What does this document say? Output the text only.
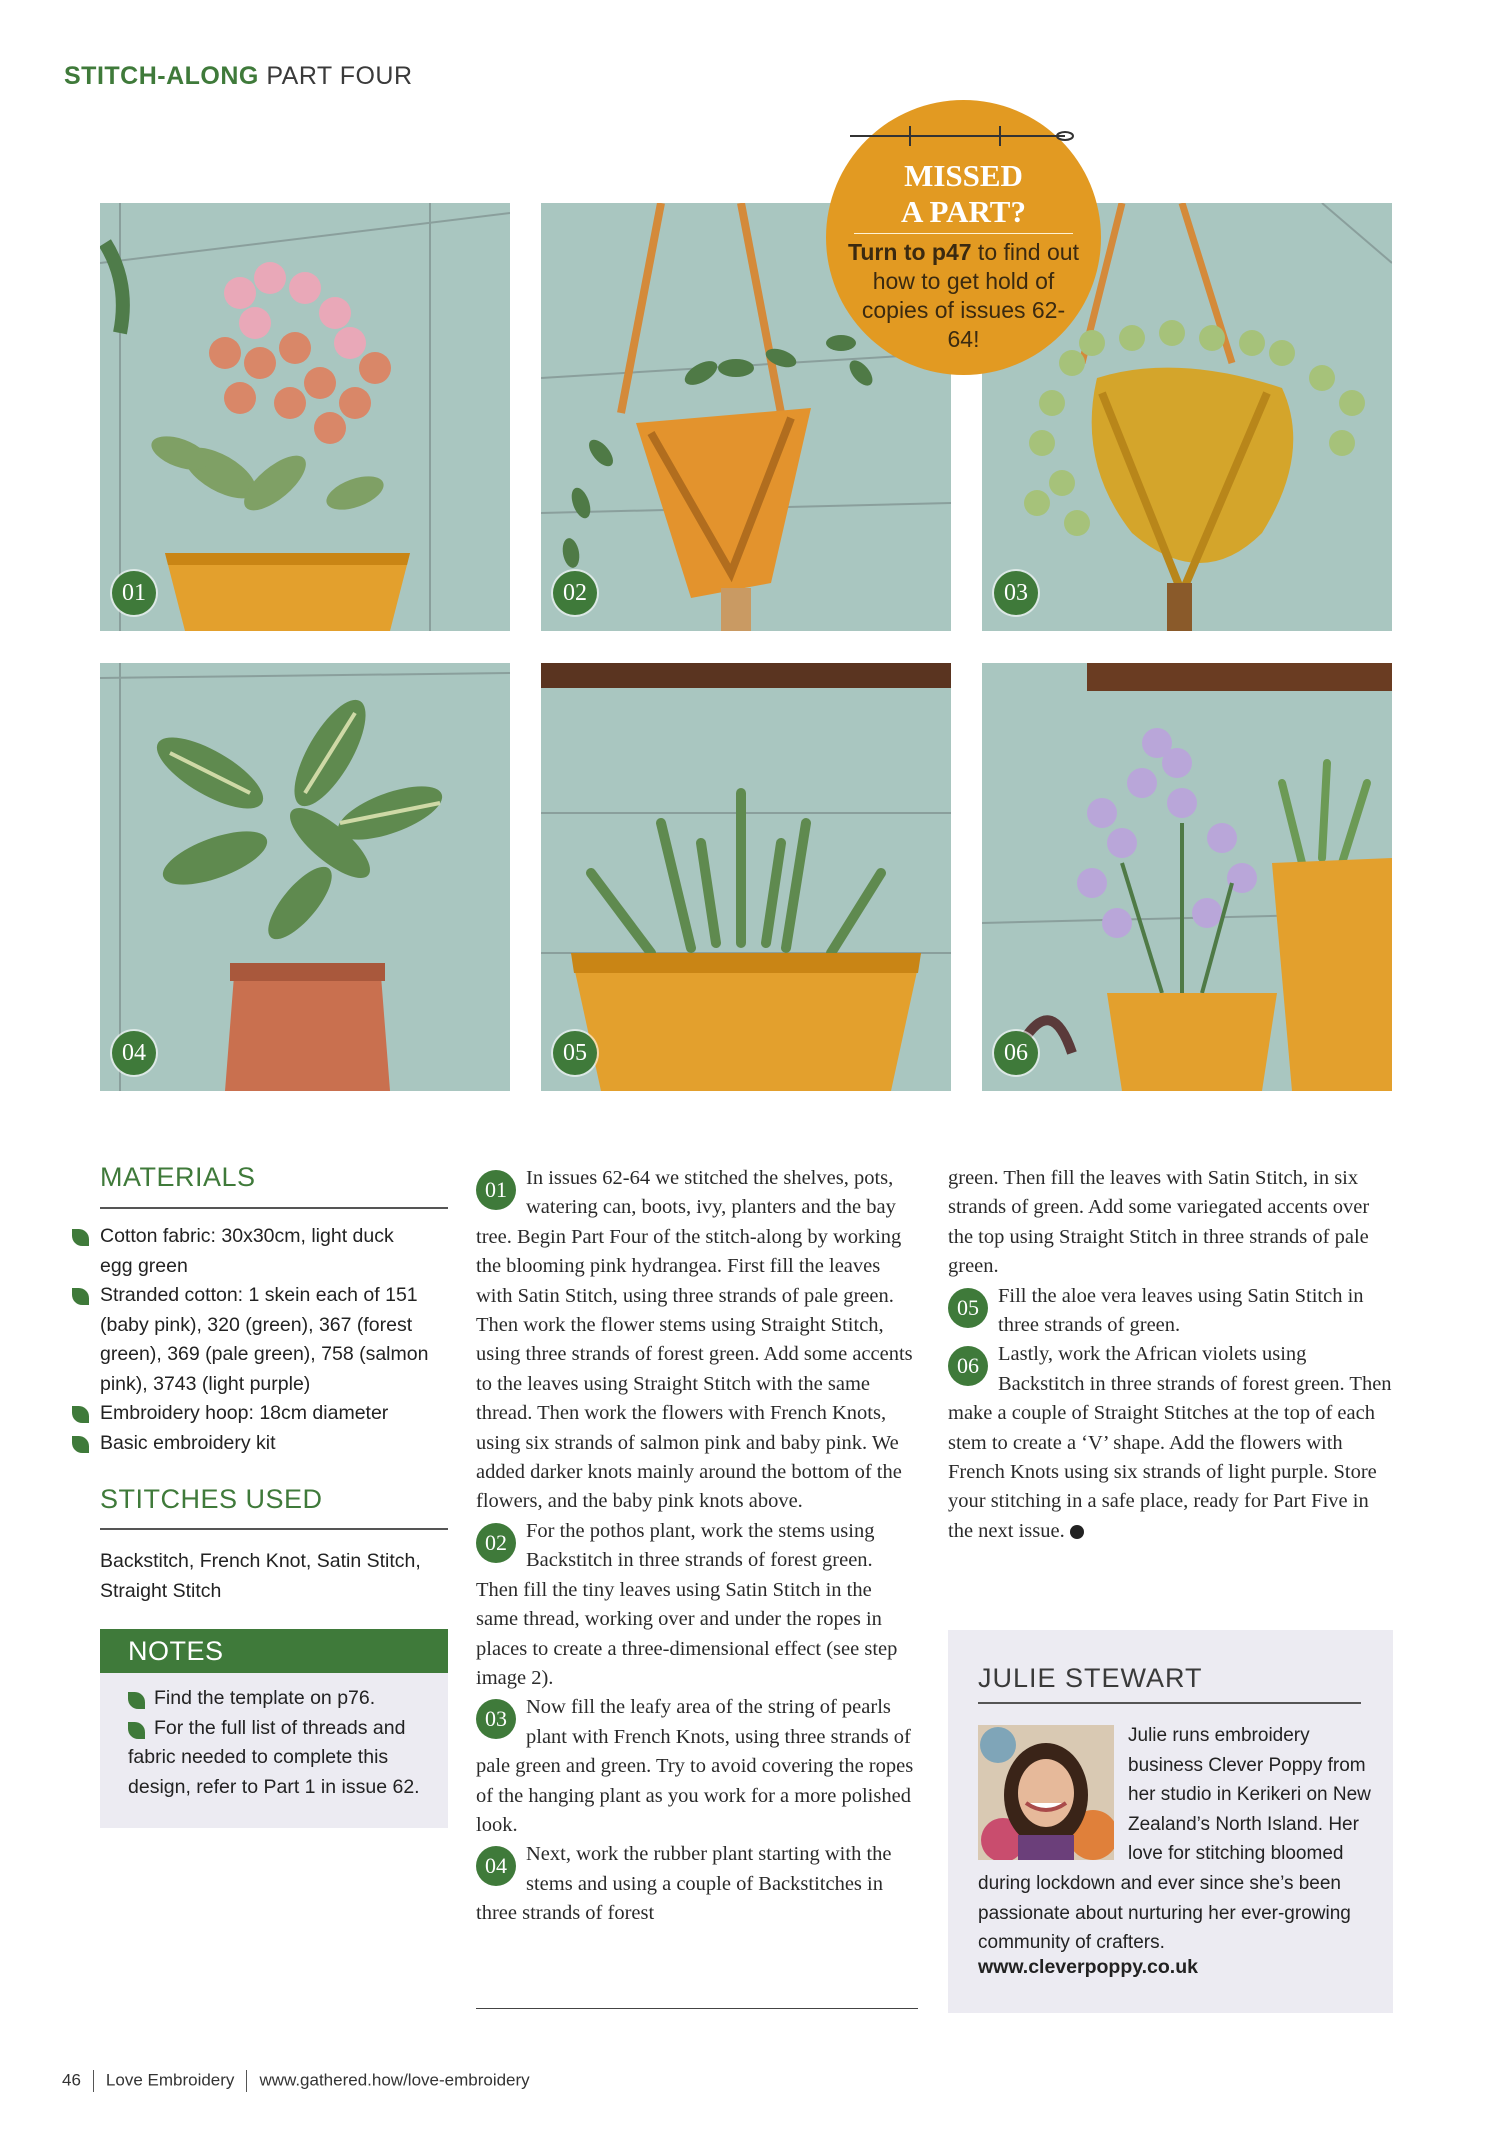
STITCH-ALONG PART FOUR
01	02	03
04	05	06
MISSED
A PART?
Turn to p47 to find out how to get hold of copies of issues 62-64!
MATERIALS
Cotton fabric: 30x30cm, light duck egg green
Stranded cotton: 1 skein each of 151 (baby pink), 320 (green), 367 (forest green), 369 (pale green), 758 (salmon pink), 3743 (light purple)
Embroidery hoop: 18cm diameter
Basic embroidery kit
STITCHES USED
Backstitch, French Knot, Satin Stitch, Straight Stitch
NOTES
Find the template on p76.
For the full list of threads and fabric needed to complete this design, refer to Part 1 in issue 62.

01 In issues 62-64 we stitched the shelves, pots, watering can, boots, ivy, planters and the bay tree. Begin Part Four of the stitch-along by working the blooming pink hydrangea. First fill the leaves with Satin Stitch, using three strands of pale green. Then work the flower stems using Straight Stitch, using three strands of forest green. Add some accents to the leaves using Straight Stitch with the same thread. Then work the flowers with French Knots, using six strands of salmon pink and baby pink. We added darker knots mainly around the bottom of the flowers, and the baby pink knots above.

02 For the pothos plant, work the stems using Backstitch in three strands of forest green. Then fill the tiny leaves using Satin Stitch in the same thread, working over and under the ropes in places to create a three-dimensional effect (see step image 2).

03 Now fill the leafy area of the string of pearls plant with French Knots, using three strands of pale green and green. Try to avoid covering the ropes of the hanging plant as you work for a more polished look.

04 Next, work the rubber plant starting with the stems and using a couple of Backstitches in three strands of forest

green. Then fill the leaves with Satin Stitch, in six strands of green. Add some variegated accents over the top using Straight Stitch in three strands of pale green.

05 Fill the aloe vera leaves using Satin Stitch in three strands of green.

06 Lastly, work the African violets using Backstitch in three strands of forest green. Then make a couple of Straight Stitches at the top of each stem to create a ‘V’ shape. Add the flowers with French Knots using six strands of light purple. Store your stitching in a safe place, ready for Part Five in the next issue.

JULIE STEWART
Julie runs embroidery business Clever Poppy from her studio in Kerikeri on New Zealand’s North Island. Her love for stitching bloomed
during lockdown and ever since she’s been passionate about nurturing her ever-growing community of crafters.
www.cleverpoppy.co.uk
46 Love Embroidery www.gathered.how/love-embroidery
